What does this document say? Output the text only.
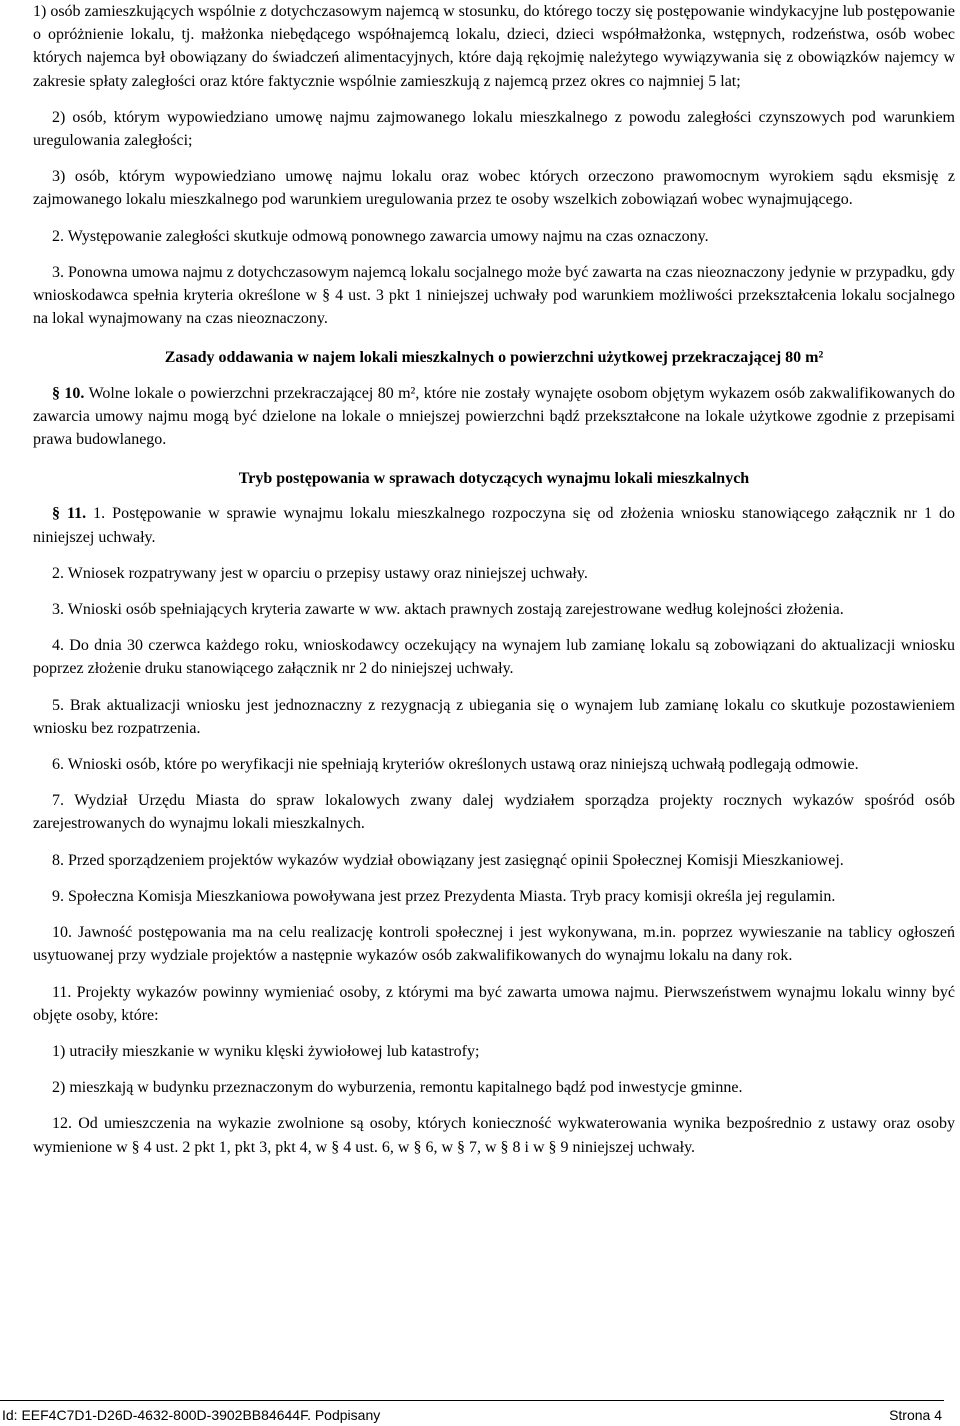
1) osób zamieszkujących wspólnie z dotychczasowym najemcą w stosunku, do którego toczy się postępowanie windykacyjne lub postępowanie o opróżnienie lokalu, tj. małżonka niebędącego współnajemcą lokalu, dzieci, dzieci współmałżonka, wstępnych, rodzeństwa, osób wobec których najemca był obowiązany do świadczeń alimentacyjnych, które dają rękojmię należytego wywiązywania się z obowiązków najemcy w zakresie spłaty zaległości oraz które faktycznie wspólnie zamieszkują z najemcą przez okres co najmniej 5 lat;

2) osób, którym wypowiedziano umowę najmu zajmowanego lokalu mieszkalnego z powodu zaległości czynszowych pod warunkiem uregulowania zaległości;

3) osób, którym wypowiedziano umowę najmu lokalu oraz wobec których orzeczono prawomocnym wyrokiem sądu eksmisję z zajmowanego lokalu mieszkalnego pod warunkiem uregulowania przez te osoby wszelkich zobowiązań wobec wynajmującego.

2. Występowanie zaległości skutkuje odmową ponownego zawarcia umowy najmu na czas oznaczony.

3. Ponowna umowa najmu z dotychczasowym najemcą lokalu socjalnego może być zawarta na czas nieoznaczony jedynie w przypadku, gdy wnioskodawca spełnia kryteria określone w § 4 ust. 3 pkt 1 niniejszej uchwały pod warunkiem możliwości przekształcenia lokalu socjalnego na lokal wynajmowany na czas nieoznaczony.

Zasady oddawania w najem lokali mieszkalnych o powierzchni użytkowej przekraczającej 80 m²

§ 10. Wolne lokale o powierzchni przekraczającej 80 m², które nie zostały wynajęte osobom objętym wykazem osób zakwalifikowanych do zawarcia umowy najmu mogą być dzielone na lokale o mniejszej powierzchni bądź przekształcone na lokale użytkowe zgodnie z przepisami prawa budowlanego.

Tryb postępowania w sprawach dotyczących wynajmu lokali mieszkalnych

§ 11. 1. Postępowanie w sprawie wynajmu lokalu mieszkalnego rozpoczyna się od złożenia wniosku stanowiącego załącznik nr 1 do niniejszej uchwały.

2. Wniosek rozpatrywany jest w oparciu o przepisy ustawy oraz niniejszej uchwały.

3. Wnioski osób spełniających kryteria zawarte w ww. aktach prawnych zostają zarejestrowane według kolejności złożenia.

4. Do dnia 30 czerwca każdego roku, wnioskodawcy oczekujący na wynajem lub zamianę lokalu są zobowiązani do aktualizacji wniosku poprzez złożenie druku stanowiącego załącznik nr 2 do niniejszej uchwały.

5. Brak aktualizacji wniosku jest jednoznaczny z rezygnacją z ubiegania się o wynajem lub zamianę lokalu co skutkuje pozostawieniem wniosku bez rozpatrzenia.

6. Wnioski osób, które po weryfikacji nie spełniają kryteriów określonych ustawą oraz niniejszą uchwałą podlegają odmowie.

7. Wydział Urzędu Miasta do spraw lokalowych zwany dalej wydziałem sporządza projekty rocznych wykazów spośród osób zarejestrowanych do wynajmu lokali mieszkalnych.

8. Przed sporządzeniem projektów wykazów wydział obowiązany jest zasięgnąć opinii Społecznej Komisji Mieszkaniowej.

9. Społeczna Komisja Mieszkaniowa powoływana jest przez Prezydenta Miasta. Tryb pracy komisji określa jej regulamin.

10. Jawność postępowania ma na celu realizację kontroli społecznej i jest wykonywana, m.in. poprzez wywieszanie na tablicy ogłoszeń usytuowanej przy wydziale projektów a następnie wykazów osób zakwalifikowanych do wynajmu lokalu na dany rok.

11. Projekty wykazów powinny wymieniać osoby, z którymi ma być zawarta umowa najmu. Pierwszeństwem wynajmu lokalu winny być objęte osoby, które:

1) utraciły mieszkanie w wyniku klęski żywiołowej lub katastrofy;

2) mieszkają w budynku przeznaczonym do wyburzenia, remontu kapitalnego bądź pod inwestycje gminne.

12. Od umieszczenia na wykazie zwolnione są osoby, których konieczność wykwaterowania wynika bezpośrednio z ustawy oraz osoby wymienione w § 4 ust. 2 pkt 1, pkt 3, pkt 4, w § 4 ust. 6, w § 6, w § 7, w § 8 i w § 9 niniejszej uchwały.

Id: EEF4C7D1-D26D-4632-800D-3902BB84644F. Podpisany	Strona 4
